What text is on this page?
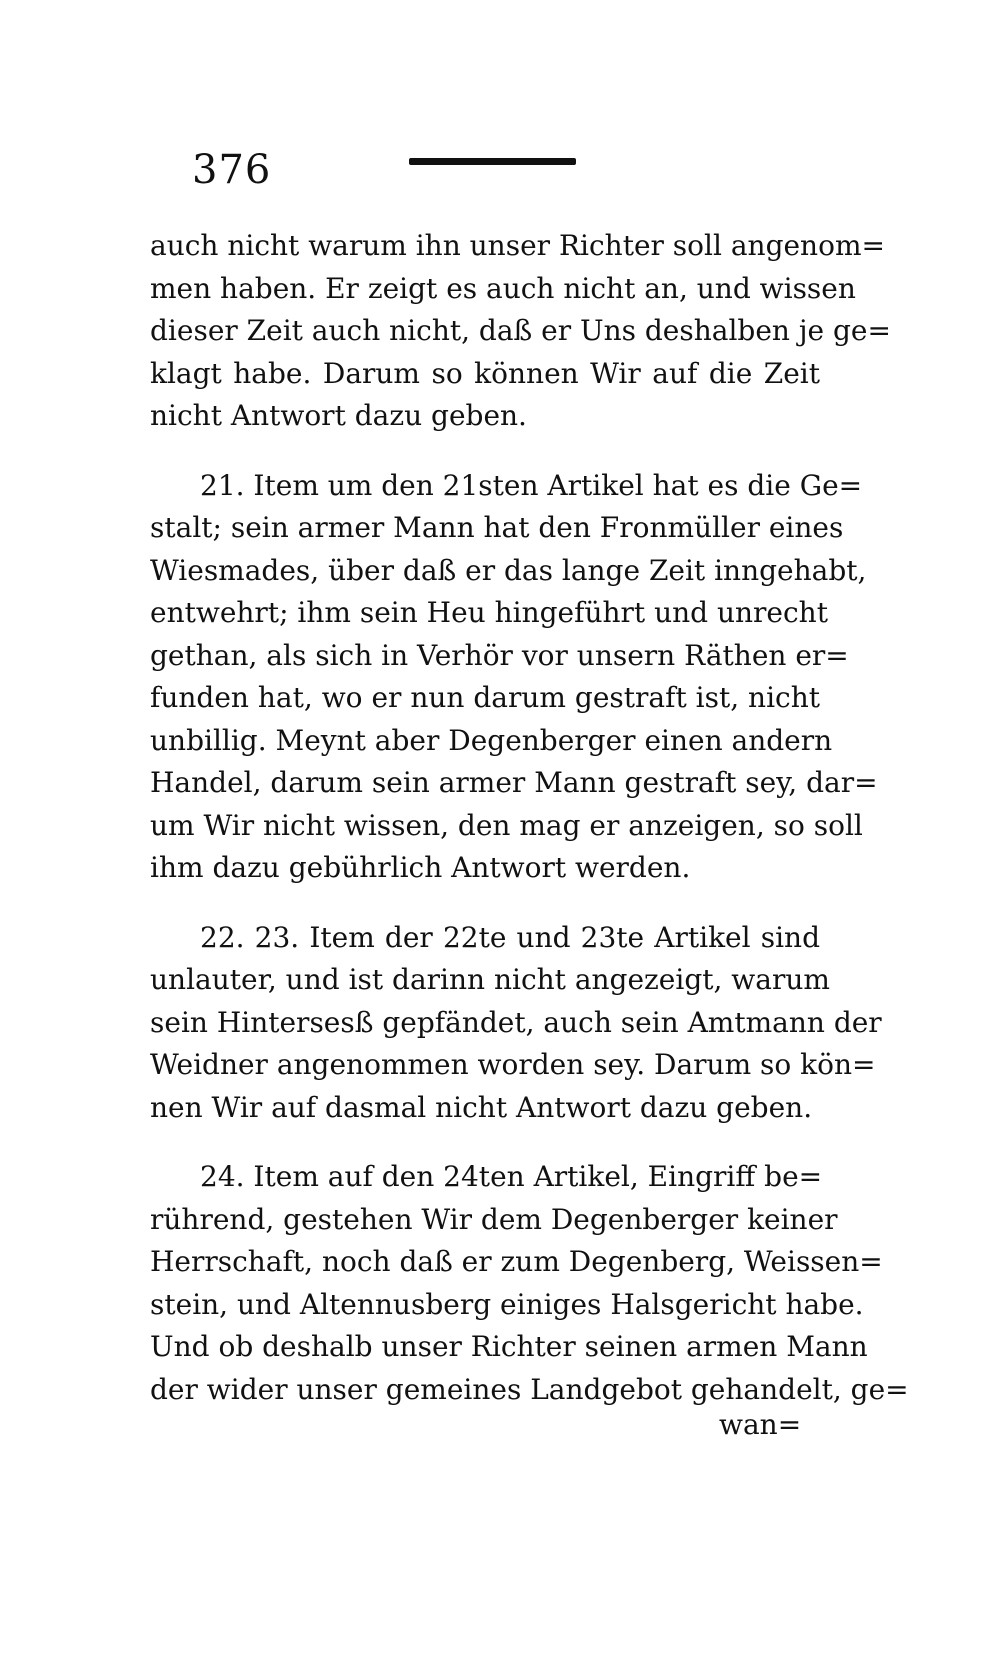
376
auch nicht warum ihn unser Richter soll angenom=
men haben. Er zeigt es auch nicht an, und wissen
dieser Zeit auch nicht, daß er Uns deshalben je ge=
klagt habe. Darum so können Wir auf die Zeit
nicht Antwort dazu geben.
21. Item um den 21sten Artikel hat es die Ge=
stalt; sein armer Mann hat den Fronmüller eines
Wiesmades, über daß er das lange Zeit inngehabt,
entwehrt; ihm sein Heu hingeführt und unrecht
gethan, als sich in Verhör vor unsern Räthen er=
funden hat, wo er nun darum gestraft ist, nicht
unbillig. Meynt aber Degenberger einen andern
Handel, darum sein armer Mann gestraft sey, dar=
um Wir nicht wissen, den mag er anzeigen, so soll
ihm dazu gebührlich Antwort werden.
22. 23. Item der 22te und 23te Artikel sind
unlauter, und ist darinn nicht angezeigt, warum
sein Hintersesß gepfändet, auch sein Amtmann der
Weidner angenommen worden sey. Darum so kön=
nen Wir auf dasmal nicht Antwort dazu geben.
24. Item auf den 24ten Artikel, Eingriff be=
rührend, gestehen Wir dem Degenberger keiner
Herrschaft, noch daß er zum Degenberg, Weissen=
stein, und Altennusberg einiges Halsgericht habe.
Und ob deshalb unser Richter seinen armen Mann
der wider unser gemeines Landgebot gehandelt, ge=
wan=
